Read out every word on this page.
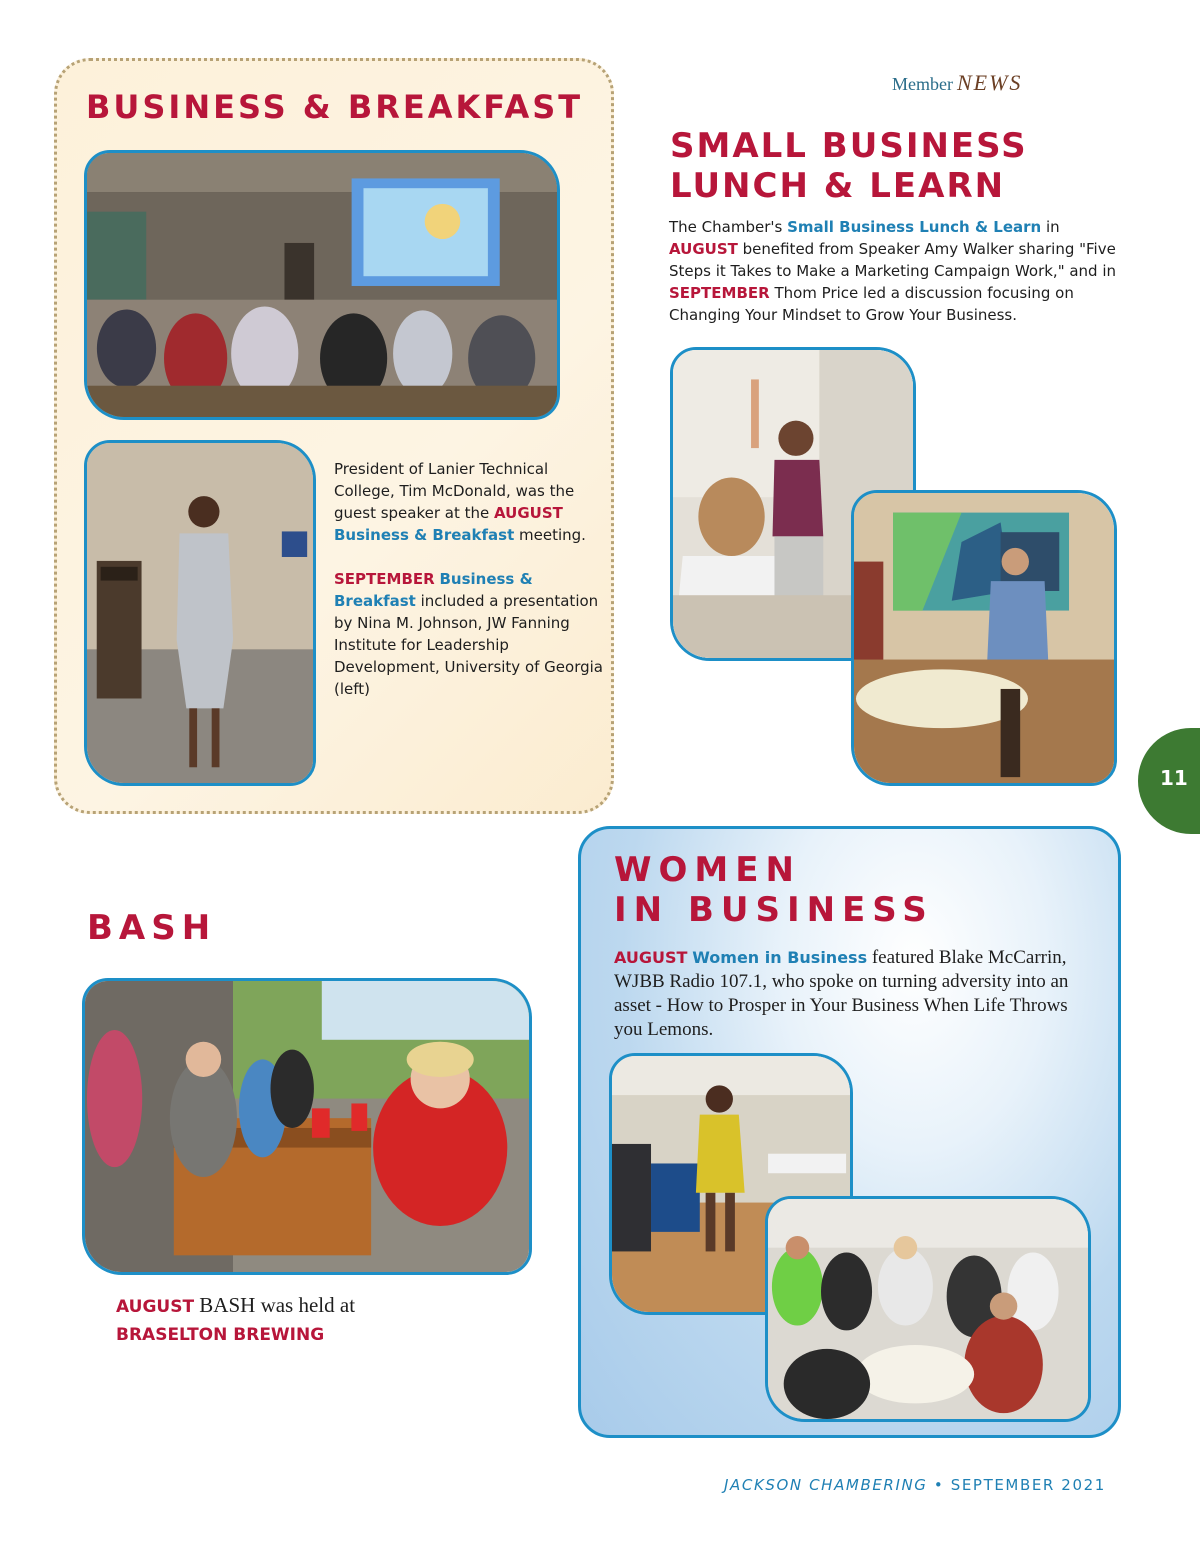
Member NEWS
BUSINESS & BREAKFAST

President of Lanier Technical College, Tim McDonald, was the guest speaker at the AUGUST Business & Breakfast meeting.

SEPTEMBER Business & Breakfast included a presentation by Nina M. Johnson, JW Fanning Institute for Leadership Development, University of Georgia (left)

SMALL BUSINESS
LUNCH & LEARN
The Chamber's Small Business Lunch & Learn in AUGUST benefited from Speaker Amy Walker sharing "Five Steps it Takes to Make a Marketing Campaign Work," and in SEPTEMBER Thom Price led a discussion focusing on Changing Your Mindset to Grow Your Business.
11
BASH
AUGUST BASH was held at
BRASELTON BREWING
WOMEN
IN BUSINESS
AUGUST Women in Business featured Blake McCarrin, WJBB Radio 107.1, who spoke on turning adversity into an asset - How to Prosper in Your Business When Life Throws you Lemons.
JACKSON CHAMBERING • SEPTEMBER 2021
